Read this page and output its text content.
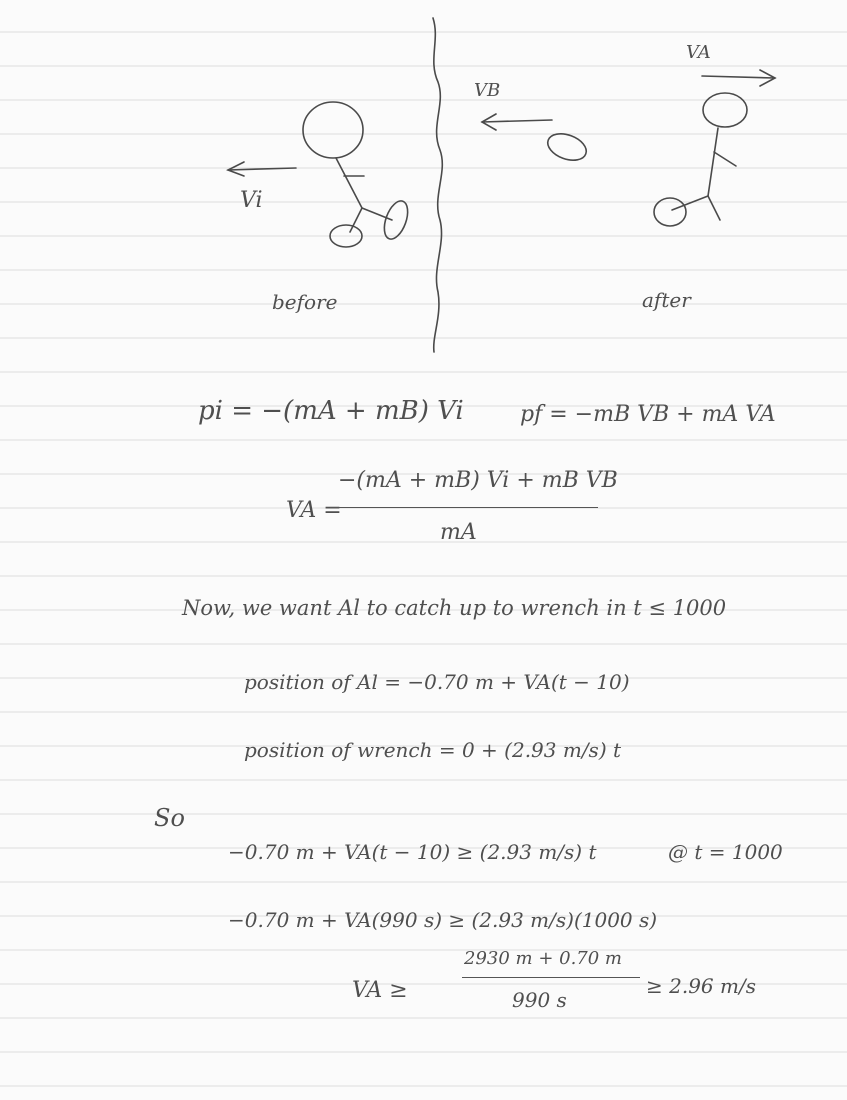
Vi
VB
VA
before	after
pi = −(mA + mB) Vi	pf = −mB VB + mA VA
VA =
−(mA + mB) Vi + mB VB
mA
Now, we want Al to catch up to wrench in t ≤ 1000
position of Al = −0.70 m + VA(t − 10)
position of wrench = 0 + (2.93 m/s) t
So
−0.70 m + VA(t − 10) ≥ (2.93 m/s) t	@ t = 1000
−0.70 m + VA(990 s) ≥ (2.93 m/s)(1000 s)
VA ≥
2930 m + 0.70 m
990 s
≥ 2.96 m/s
